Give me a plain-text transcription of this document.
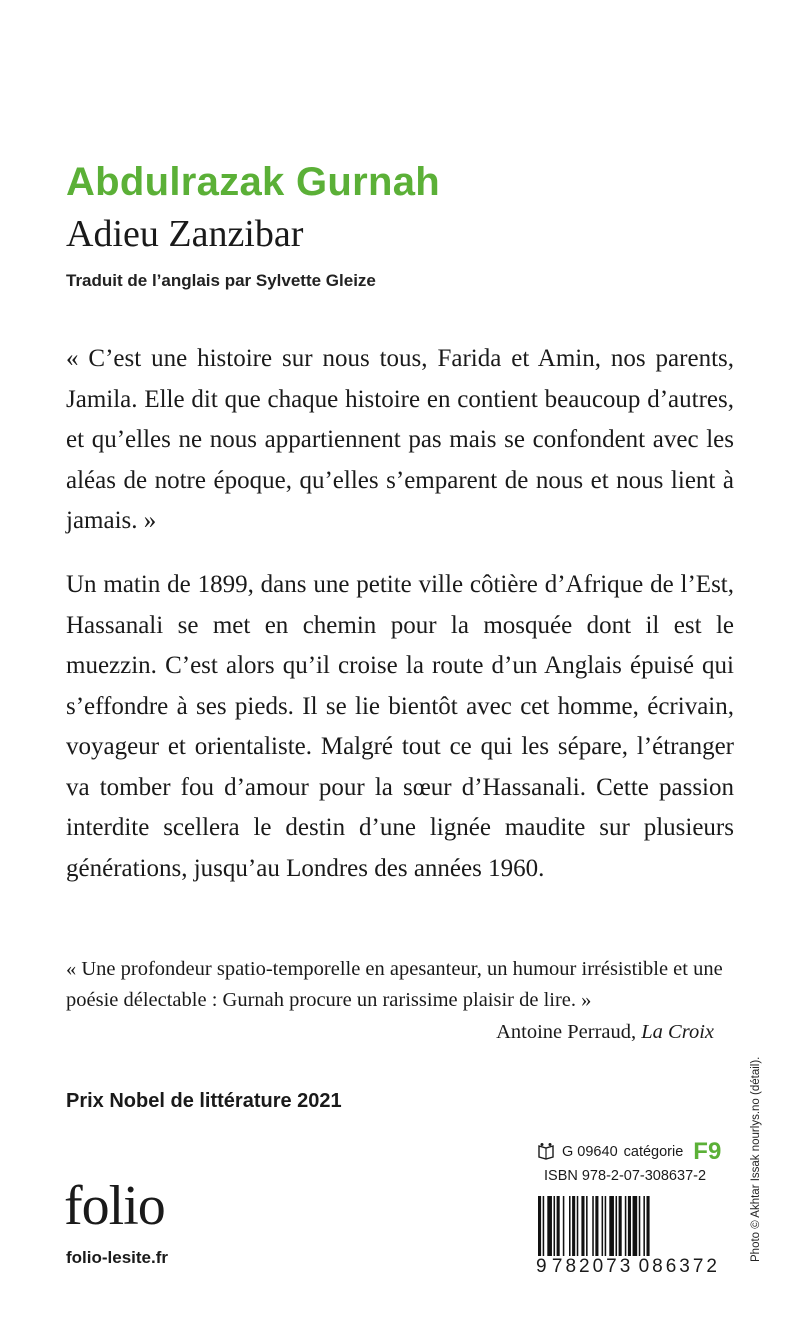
Abdulrazak Gurnah
Adieu Zanzibar
Traduit de l’anglais par Sylvette Gleize
« C’est une histoire sur nous tous, Farida et Amin, nos parents, Jamila. Elle dit que chaque histoire en contient beaucoup d’autres, et qu’elles ne nous appartiennent pas mais se confondent avec les aléas de notre époque, qu’elles s’emparent de nous et nous lient à jamais. »
Un matin de 1899, dans une petite ville côtière d’Afrique de l’Est, Hassanali se met en chemin pour la mosquée dont il est le muezzin. C’est alors qu’il croise la route d’un Anglais épuisé qui s’effondre à ses pieds. Il se lie bientôt avec cet homme, écrivain, voyageur et orientaliste. Malgré tout ce qui les sépare, l’étranger va tomber fou d’amour pour la sœur d’Hassanali. Cette passion interdite scellera le destin d’une lignée maudite sur plusieurs générations, jusqu’au Londres des années 1960.
« Une profondeur spatio-temporelle en apesanteur, un humour irrésistible et une poésie délectable : Gurnah procure un rarissime plaisir de lire. »
Antoine Perraud, La Croix
Prix Nobel de littérature 2021
folio
folio-lesite.fr
G 09640 catégorie F9
ISBN 978-2-07-308637-2
9 782073 086372
Photo © Akhtar Issak nourlys.no (détail).
